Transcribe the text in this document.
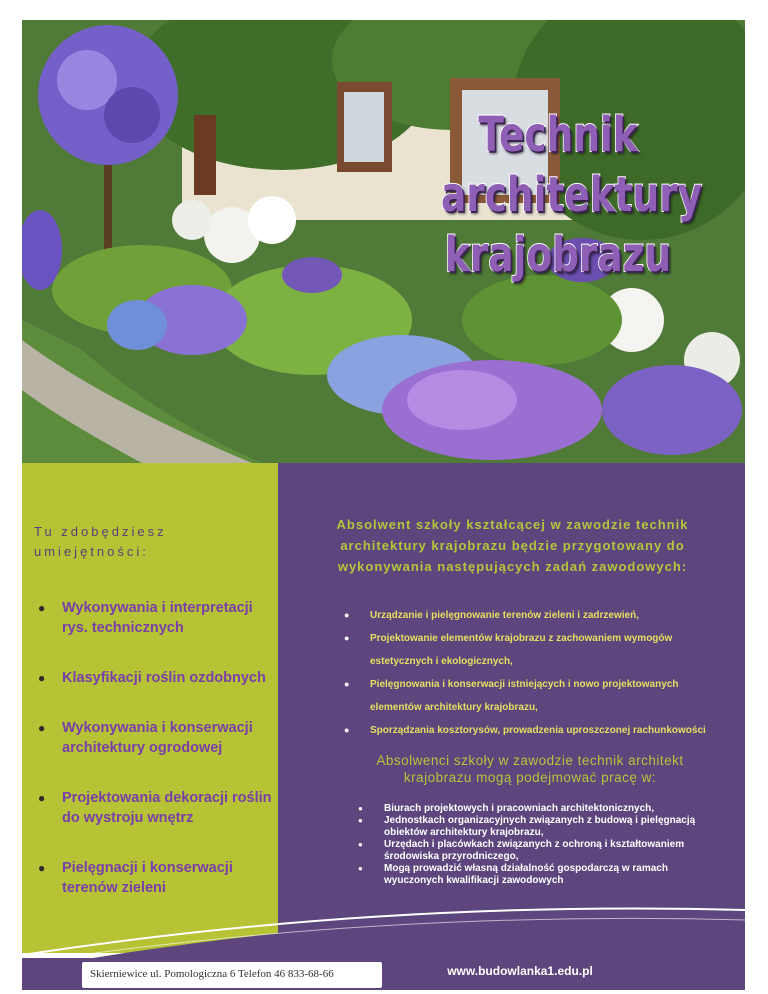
Technik
architektury
krajobrazu
Tu zdobędziesz umiejętności:
● Wykonywania i interpretacji rys. technicznych
● Klasyfikacji roślin ozdobnych
● Wykonywania i konserwacji architektury ogrodowej
● Projektowania dekoracji roślin do wystroju wnętrz
● Pielęgnacji i konserwacji terenów zieleni
Absolwent szkoły kształcącej w zawodzie technik architektury krajobrazu będzie przygotowany do wykonywania następujących zadań zawodowych:
● Urządzanie i pielęgnowanie terenów zieleni i zadrzewień,
● Projektowanie elementów krajobrazu z zachowaniem wymogów estetycznych i ekologicznych,
● Pielęgnowania i konserwacji istniejących i nowo projektowanych elementów architektury krajobrazu,
● Sporządzania kosztorysów, prowadzenia uproszczonej rachunkowości
Absolwenci szkoły w zawodzie technik architekt krajobrazu mogą podejmować pracę w:
● Biurach projektowych i pracowniach architektonicznych,
● Jednostkach organizacyjnych związanych z budową i pielęgnacją obiektów architektury krajobrazu,
● Urzędach i placówkach związanych z ochroną i kształtowaniem środowiska przyrodniczego,
● Mogą prowadzić własną działalność gospodarczą w ramach wyuczonych kwalifikacji zawodowych
Skierniewice ul. Pomologiczna 6 Telefon 46 833-68-66	www.budowlanka1.edu.pl
